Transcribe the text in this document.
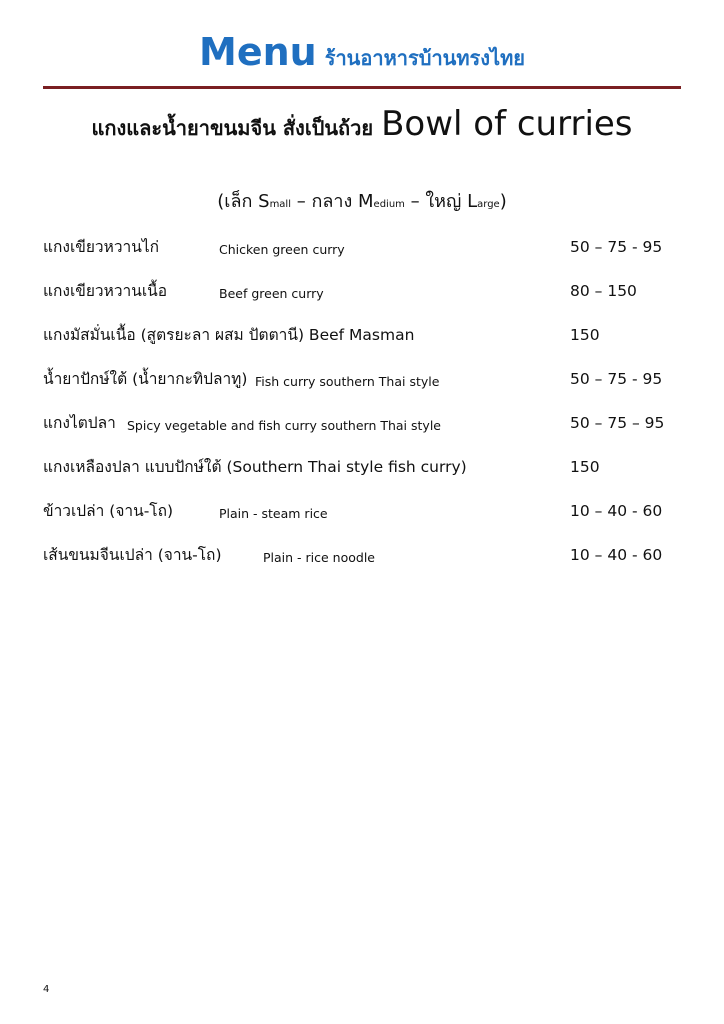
Menu ร้านอาหารบ้านทรงไทย
แกงและน้ำยาขนมจีน สั่งเป็นถ้วย Bowl of curries
(เล็ก Small – กลาง Medium – ใหญ่ Large)
แกงเขียวหวานไก่	Chicken green curry	50 – 75 - 95
แกงเขียวหวานเนื้อ	Beef green curry	80 – 150
แกงมัสมั่นเนื้อ (สูตรยะลา ผสม ปัตตานี) Beef Masman	150
น้ำยาปักษ์ใต้ (น้ำยากะทิปลาทู) Fish curry southern Thai style	50 – 75 - 95
แกงไตปลา Spicy vegetable and fish curry southern Thai style	50 – 75 – 95
แกงเหลืองปลา แบบปักษ์ใต้ (Southern Thai style fish curry)	150
ข้าวเปล่า (จาน-โถ)	Plain - steam rice	10 – 40 - 60
เส้นขนมจีนเปล่า (จาน-โถ)	Plain - rice noodle	10 – 40 - 60
4
